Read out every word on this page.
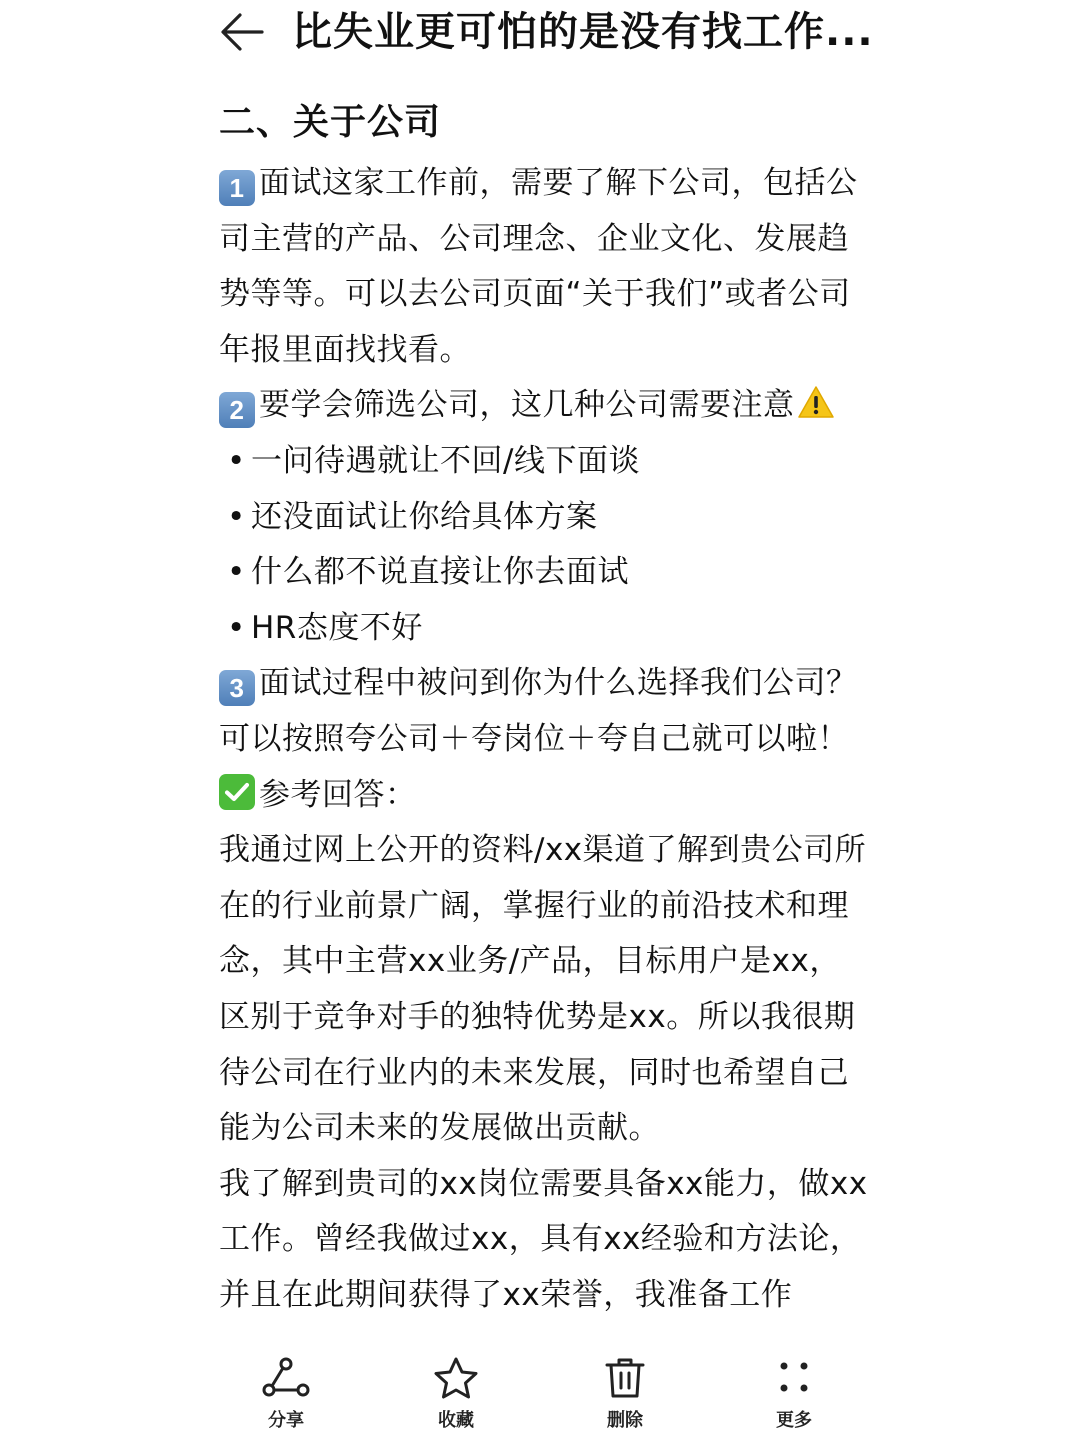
比失业更可怕的是没有找工作...
二、关于公司

1 面试这家工作前，需要了解下公司，包括公司主营的产品、公司理念、企业文化、发展趋势等等。可以去公司页面“关于我们”或者公司年报里面找找看。

2 要学会筛选公司，这几种公司需要注意

• 一问待遇就让不回/线下面谈

• 还没面试让你给具体方案

• 什么都不说直接让你去面试

• HR态度不好

3 面试过程中被问到你为什么选择我们公司？可以按照夸公司＋夸岗位＋夸自己就可以啦！

参考回答：

我通过网上公开的资料/xx渠道了解到贵公司所在的行业前景广阔，掌握行业的前沿技术和理念，其中主营xx业务/产品，目标用户是xx，区别于竞争对手的独特优势是xx。所以我很期待公司在行业内的未来发展，同时也希望自己能为公司未来的发展做出贡献。

我了解到贵司的xx岗位需要具备xx能力，做xx工作。曾经我做过xx，具有xx经验和方法论，并且在此期间获得了xx荣誉，我准备工作

分享	收藏	删除	更多
